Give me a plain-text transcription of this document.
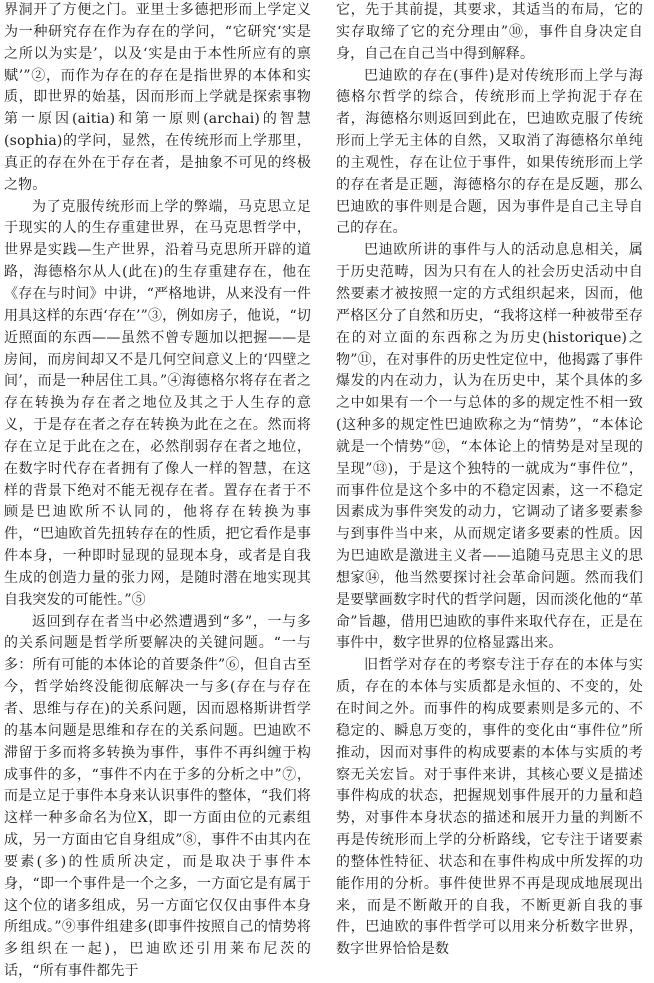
界洞开了方便之门。亚里士多德把形而上学定义为一种研究存在作为存在的学问，“它研究‘实是之所以为实是’，以及‘实是由于本性所应有的禀赋’”②，而作为存在的存在是指世界的本体和实质，即世界的始基，因而形而上学就是探索事物第一原因(aitia)和第一原则(archai)的智慧(sophia)的学问，显然，在传统形而上学那里，真正的存在外在于存在者，是抽象不可见的终极之物。

为了克服传统形而上学的弊端，马克思立足于现实的人的生存重建世界，在马克思哲学中，世界是实践—生产世界，沿着马克思所开辟的道路，海德格尔从人(此在)的生存重建存在，他在《存在与时间》中讲，“严格地讲，从来没有一件用具这样的东西‘存在’”③，例如房子，他说，“切近照面的东西——虽然不曾专题加以把握——是房间，而房间却又不是几何空间意义上的‘四壁之间’，而是一种居住工具。”④海德格尔将存在者之存在转换为存在者之地位及其之于人生存的意义，于是存在者之存在转换为此在之在。然而将存在立足于此在之在，必然削弱存在者之地位，在数字时代存在者拥有了像人一样的智慧，在这样的背景下绝对不能无视存在者。置存在者于不顾是巴迪欧所不认同的，他将存在转换为事件，“巴迪欧首先扭转存在的性质，把它看作是事件本身，一种即时显现的显现本身，或者是自我生成的创造力量的张力网，是随时潜在地实现其自我突发的可能性。”⑤

返回到存在者当中必然遭遇到“多”，一与多的关系问题是哲学所要解决的关键问题。“一与多：所有可能的本体论的首要条件”⑥，但自古至今，哲学始终没能彻底解决一与多(存在与存在者、思维与存在)的关系问题，因而恩格斯讲哲学的基本问题是思维和存在的关系问题。巴迪欧不滞留于多而将多转换为事件，事件不再纠缠于构成事件的多，“事件不内在于多的分析之中”⑦，而是立足于事件本身来认识事件的整体，“我们将这样一种多命名为位X，即一方面由位的元素组成，另一方面由它自身组成”⑧，事件不由其内在要素(多)的性质所决定，而是取决于事件本身，“即一个事件是一个之多，一方面它是有属于这个位的诸多组成，另一方面它仅仅由事件本身所组成。”⑨事件组建多(即事件按照自己的情势将多组织在一起)，巴迪欧还引用莱布尼茨的话，“所有事件都先于

它，先于其前提，其要求，其适当的布局，它的实存取缔了它的充分理由”⑩，事件自身决定自身，自己在自己当中得到解释。

巴迪欧的存在(事件)是对传统形而上学与海德格尔哲学的综合，传统形而上学拘泥于存在者，海德格尔则返回到此在，巴迪欧克服了传统形而上学无主体的自然，又取消了海德格尔单纯的主观性，存在让位于事件，如果传统形而上学的存在者是正题，海德格尔的存在是反题，那么巴迪欧的事件则是合题，因为事件是自己主导自己的存在。

巴迪欧所讲的事件与人的活动息息相关，属于历史范畴，因为只有在人的社会历史活动中自然要素才被按照一定的方式组织起来，因而，他严格区分了自然和历史，“我将这样一种被带至存在的对立面的东西称之为历史(historique)之物”⑪，在对事件的历史性定位中，他揭露了事件爆发的内在动力，认为在历史中，某个具体的多之中如果有一个一与总体的多的规定性不相一致(这种多的规定性巴迪欧称之为“情势”，“本体论就是一个情势”⑫，“本体论上的情势是对呈现的呈现”⑬)，于是这个独特的一就成为“事件位”，而事件位是这个多中的不稳定因素，这一不稳定因素成为事件突发的动力，它调动了诸多要素参与到事件当中来，从而规定诸多要素的性质。因为巴迪欧是激进主义者——追随马克思主义的思想家⑭，他当然要探讨社会革命问题。然而我们是要擘画数字时代的哲学问题，因而淡化他的“革命”旨趣，借用巴迪欧的事件来取代存在，正是在事件中，数字世界的位格显露出来。

旧哲学对存在的考察专注于存在的本体与实质，存在的本体与实质都是永恒的、不变的，处在时间之外。而事件的构成要素则是多元的、不稳定的、瞬息万变的，事件的变化由“事件位”所推动，因而对事件的构成要素的本体与实质的考察无关宏旨。对于事件来讲，其核心要义是描述事件构成的状态，把握规划事件展开的力量和趋势，对事件本身状态的描述和展开力量的判断不再是传统形而上学的分析路线，它专注于诸要素的整体性特征、状态和在事件构成中所发挥的功能作用的分析。事件使世界不再是现成地展现出来，而是不断敞开的自我，不断更新自我的事件，巴迪欧的事件哲学可以用来分析数字世界，数字世界恰恰是数
